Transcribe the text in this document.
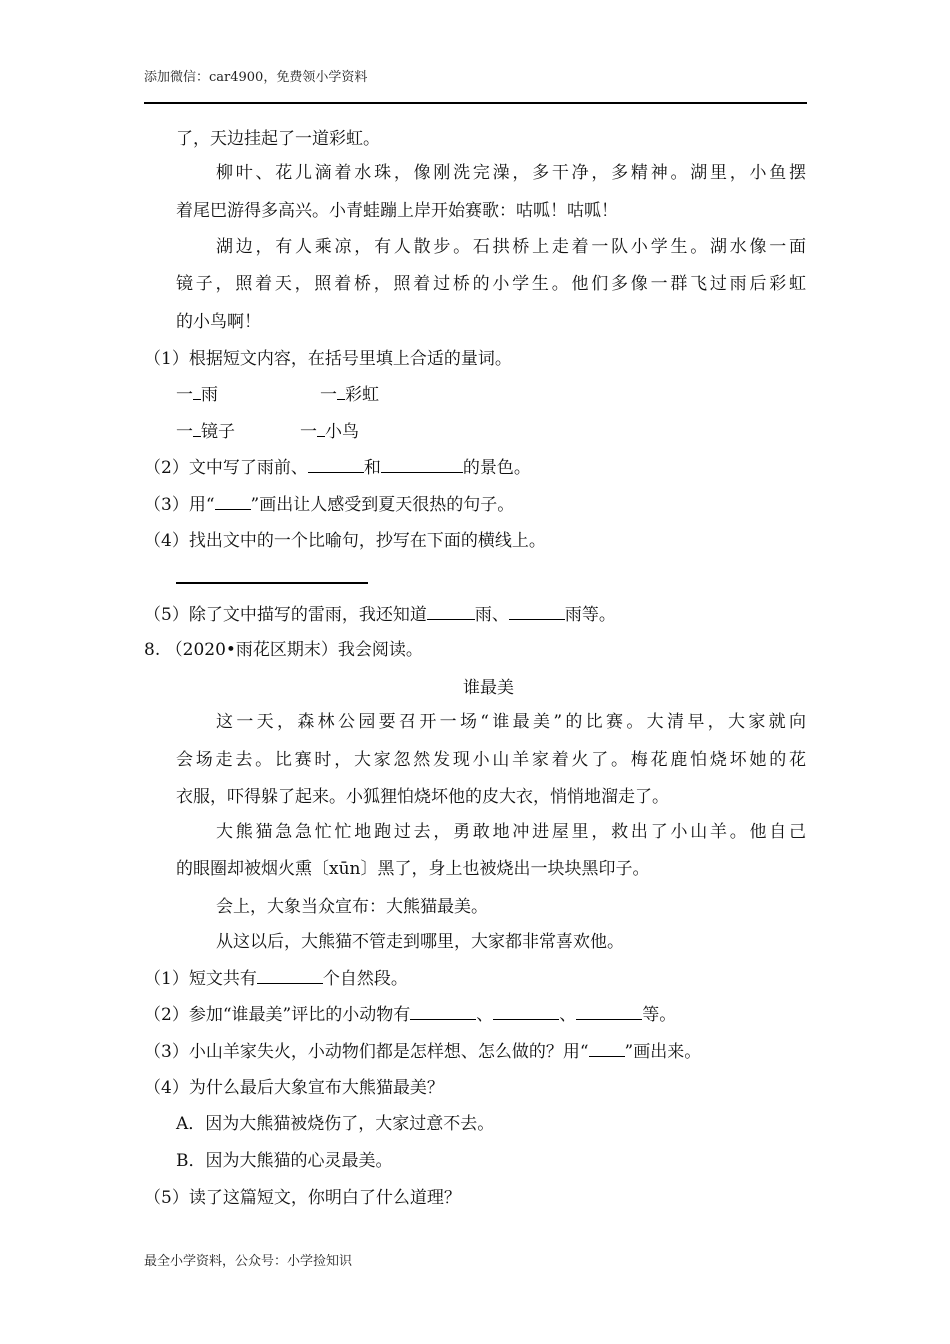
添加微信：car4900，免费领小学资料
了，天边挂起了一道彩虹。
柳叶、花儿滴着水珠，像刚洗完澡，多干净，多精神。湖里，小鱼摆
着尾巴游得多高兴。小青蛙蹦上岸开始赛歌：咕呱！咕呱！
湖边，有人乘凉，有人散步。石拱桥上走着一队小学生。湖水像一面
镜子，照着天，照着桥，照着过桥的小学生。他们多像一群飞过雨后彩虹
的小鸟啊！
（1）根据短文内容，在括号里填上合适的量词。
一 雨	一 彩虹
一 镜子	一 小鸟
（2）文中写了雨前、	和	的景色。
（3）用“ ”画出让人感受到夏天很热的句子。
（4）找出文中的一个比喻句，抄写在下面的横线上。
（5）除了文中描写的雷雨，我还知道	雨、	雨等。
8. （2020•雨花区期末）我会阅读。
谁最美
这一天，森林公园要召开一场“谁最美”的比赛。大清早，大家就向
会场走去。比赛时，大家忽然发现小山羊家着火了。梅花鹿怕烧坏她的花
衣服，吓得躲了起来。小狐狸怕烧坏他的皮大衣，悄悄地溜走了。
大熊猫急急忙忙地跑过去，勇敢地冲进屋里，救出了小山羊。他自己
的眼圈却被烟火熏〔xūn〕黑了，身上也被烧出一块块黑印子。
会上，大象当众宣布：大熊猫最美。
从这以后，大熊猫不管走到哪里，大家都非常喜欢他。
（1）短文共有	个自然段。
（2）参加“谁最美”评比的小动物有	、	、	等。
（3）小山羊家失火，小动物们都是怎样想、怎么做的？用“ ”画出来。
（4）为什么最后大象宣布大熊猫最美？
A．因为大熊猫被烧伤了，大家过意不去。
B．因为大熊猫的心灵最美。
（5）读了这篇短文，你明白了什么道理？
最全小学资料，公众号：小学捡知识
